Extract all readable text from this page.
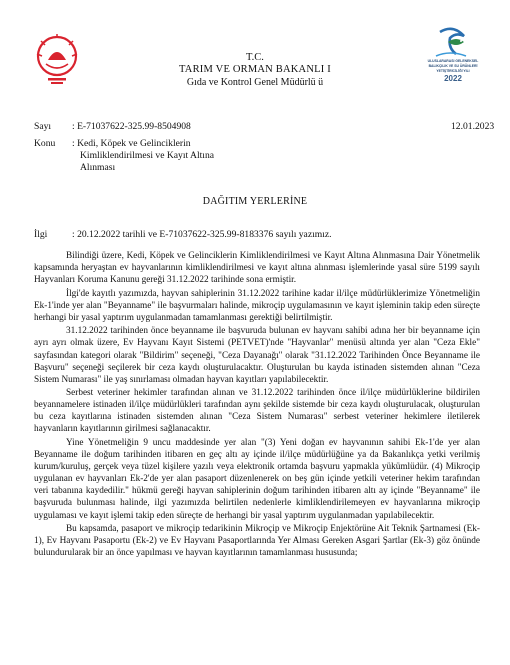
ULUSLARARASI GELENEKSEL
BALIKÇILIK VE SU ÜRÜNLERİ
YETİŞTİRİCİLİĞİ YILI
2022
T.C.
TARIM VE ORMAN BAKANLI I
Gıda ve Kontrol Genel Müdürlü ü
Sayı : E-71037622-325.99-8504908	12.01.2023
Konu : Kedi, Köpek ve Gelinciklerin
Kimliklendirilmesi ve Kayıt Altına
Alınması
DAĞITIM YERLERİNE
İlgi	: 20.12.2022 tarihli ve E-71037622-325.99-8183376 sayılı yazımız.

Bilindiği üzere, Kedi, Köpek ve Gelinciklerin Kimliklendirilmesi ve Kayıt Altına Alınmasına Dair Yönetmelik kapsamında heryaştan ev hayvanlarının kimliklendirilmesi ve kayıt altına alınması işlemlerinde yasal süre 5199 sayılı Hayvanları Koruma Kanunu gereği 31.12.2022 tarihinde sona ermiştir.

İlgi'de kayıtlı yazımızda, hayvan sahiplerinin 31.12.2022 tarihine kadar il/ilçe müdürlüklerimize Yönetmeliğin Ek-1'inde yer alan "Beyanname" ile başvurmaları halinde, mikroçip uygulamasının ve kayıt işleminin takip eden süreçte herhangi bir yasal yaptırım uygulanmadan tamamlanması gerektiği belirtilmiştir.

31.12.2022 tarihinden önce beyanname ile başvuruda bulunan ev hayvanı sahibi adına her bir beyanname için ayrı ayrı olmak üzere, Ev Hayvanı Kayıt Sistemi (PETVET)'nde "Hayvanlar" menüsü altında yer alan "Ceza Ekle" sayfasından kategori olarak "Bildirim" seçeneği, "Ceza Dayanağı" olarak "31.12.2022 Tarihinden Önce Beyanname ile Başvuru" seçeneği seçilerek bir ceza kaydı oluşturulacaktır. Oluşturulan bu kayda istinaden sistemden alınan "Ceza Sistem Numarası" ile yaş sınırlaması olmadan hayvan kayıtları yapılabilecektir.

Serbest veteriner hekimler tarafından alınan ve 31.12.2022 tarihinden önce il/ilçe müdürlüklerine bildirilen beyannamelere istinaden il/ilçe müdürlükleri tarafından aynı şekilde sistemde bir ceza kaydı oluşturulacak, oluşturulan bu ceza kayıtlarına istinaden sistemden alınan "Ceza Sistem Numarası" serbest veteriner hekimlere iletilerek hayvanların kayıtlarının girilmesi sağlanacaktır.

Yine Yönetmeliğin 9 uncu maddesinde yer alan "(3) Yeni doğan ev hayvanının sahibi Ek-1'de yer alan Beyanname ile doğum tarihinden itibaren en geç altı ay içinde il/ilçe müdürlüğüne ya da Bakanlıkça yetki verilmiş kurum/kuruluş, gerçek veya tüzel kişilere yazılı veya elektronik ortamda başvuru yapmakla yükümlüdür. (4) Mikroçip uygulanan ev hayvanları Ek-2'de yer alan pasaport düzenlenerek on beş gün içinde yetkili veteriner hekim tarafından veri tabanına kaydedilir." hükmü gereği hayvan sahiplerinin doğum tarihinden itibaren altı ay içinde "Beyanname" ile başvuruda bulunması halinde, ilgi yazımızda belirtilen nedenlerle kimliklendirilemeyen ev hayvanlarına mikroçip uygulaması ve kayıt işlemi takip eden süreçte de herhangi bir yasal yaptırım uygulanmadan yapılabilecektir.

Bu kapsamda, pasaport ve mikroçip tedarikinin Mikroçip ve Mikroçip Enjektörüne Ait Teknik Şartnamesi (Ek-1), Ev Hayvanı Pasaportu (Ek-2) ve Ev Hayvanı Pasaportlarında Yer Alması Gereken Asgari Şartlar (Ek-3) göz önünde bulundurularak bir an önce yapılması ve hayvan kayıtlarının tamamlanması hususunda;
